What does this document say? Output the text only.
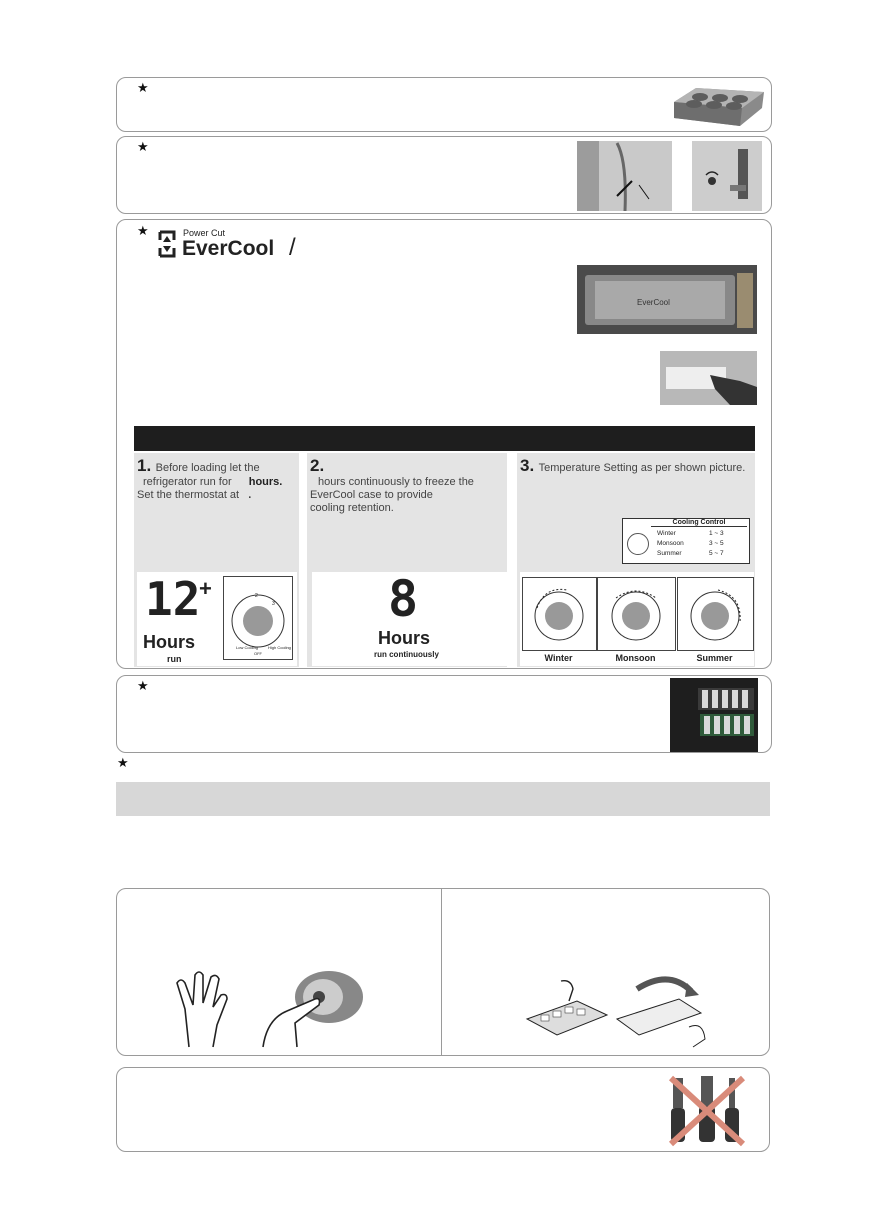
★
★
★	Power Cut
EverCool /
EverCool
1. Before loading let the
refrigerator run for hours.
Set the thermostat at .
2.
hours continuously to freeze the
EverCool case to provide
cooling retention.
3. Temperature Setting as per shown picture.
Cooling Control
Winter	1 ~ 3
Monsoon	3 ~ 5
Summer	5 ~ 7
12
+
Hours
run
2
3
Low Cooling High Cooling
OFF
8
Hours
run continuously	Winter	Monsoon	Summer
★
★
